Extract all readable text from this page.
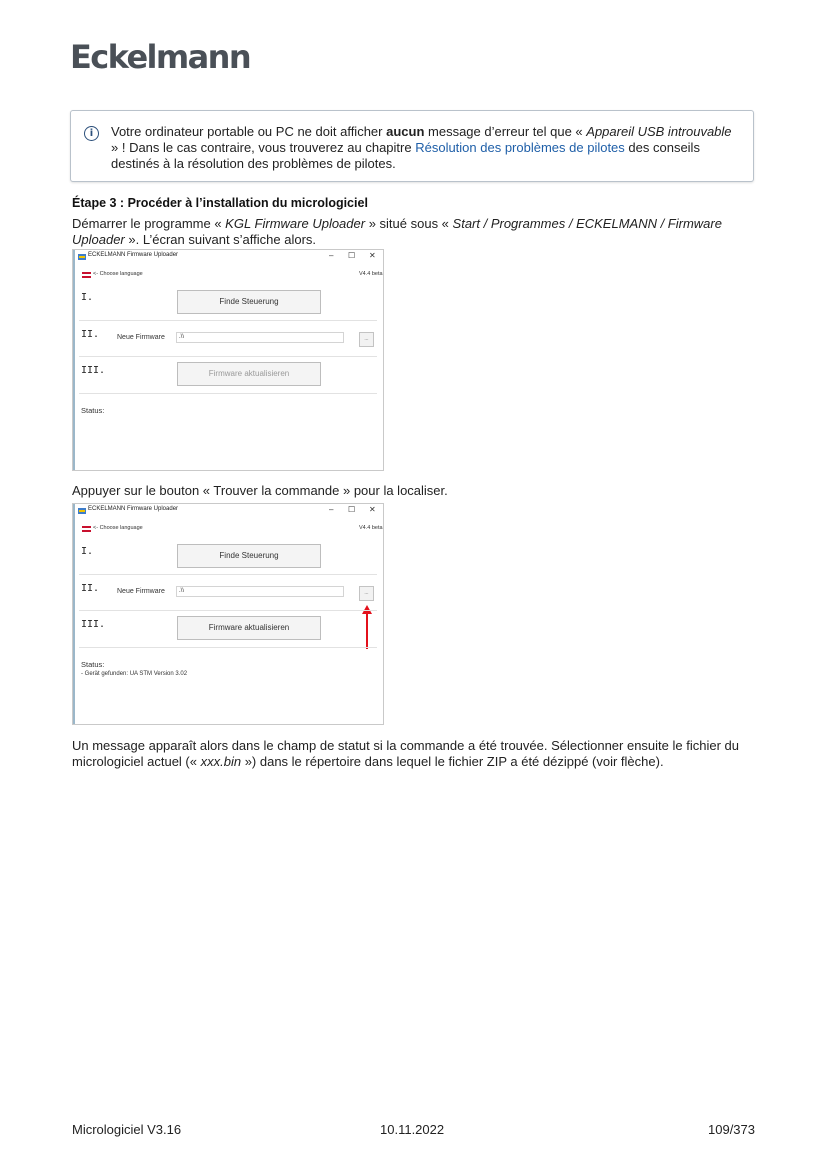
Eckelmann
i	Votre ordinateur portable ou PC ne doit afficher aucun message d’erreur tel que « Appareil USB introuvable » ! Dans le cas contraire, vous trouverez au chapitre Résolution des problèmes de pilotes des conseils destinés à la résolution des problèmes de pilotes.
Étape 3 : Procéder à l’installation du micrologiciel
Démarrer le programme « KGL Firmware Uploader » situé sous « Start / Programmes / ECKELMANN / Firmware Uploader ». L’écran suivant s’affiche alors.
ECKELMANN Firmware Uploader	– ☐ ✕
<- Choose language	V4.4 beta
I.	Finde Steuerung
II.	Neue Firmware	.\\	...
III.	Firmware aktualisieren
Status:
Appuyer sur le bouton « Trouver la commande » pour la localiser.
ECKELMANN Firmware Uploader	– ☐ ✕
<- Choose language	V4.4 beta
I.	Finde Steuerung
II.	Neue Firmware	.\\	...
III.	Firmware aktualisieren
Status:
- Gerät gefunden: UA STM Version 3.02
Un message apparaît alors dans le champ de statut si la commande a été trouvée. Sélectionner ensuite le fichier du micrologiciel actuel (« xxx.bin ») dans le répertoire dans lequel le fichier ZIP a été dézippé (voir flèche).
Micrologiciel V3.16	10.11.2022	109/373
